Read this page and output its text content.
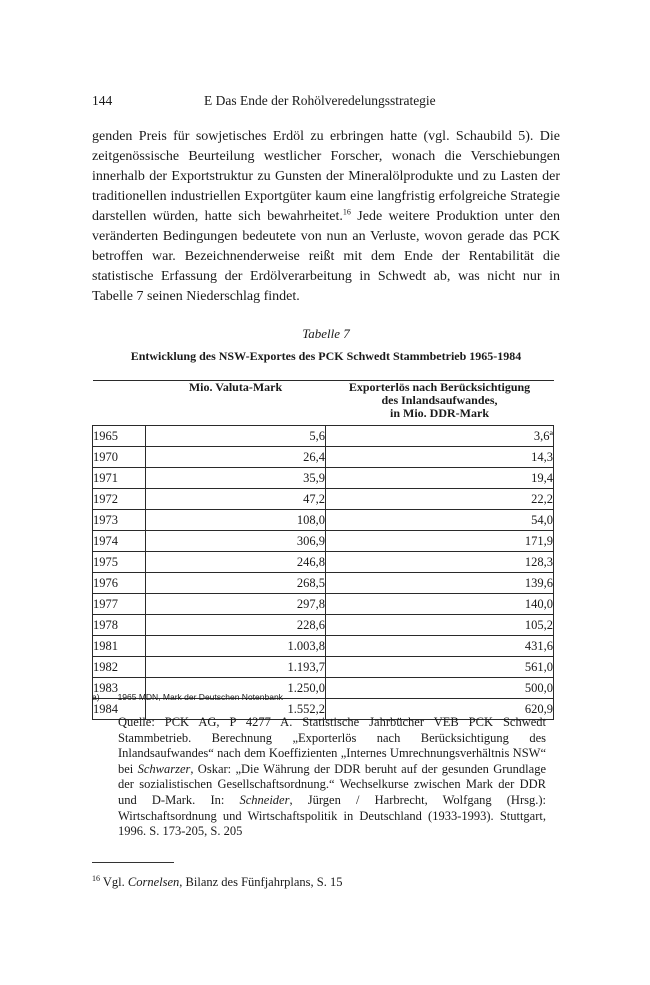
144	E Das Ende der Rohölveredelungsstrategie
genden Preis für sowjetisches Erdöl zu erbringen hatte (vgl. Schaubild 5). Die zeitgenössische Beurteilung westlicher Forscher, wonach die Verschiebungen innerhalb der Exportstruktur zu Gunsten der Mineralölprodukte und zu Lasten der traditionellen industriellen Exportgüter kaum eine langfristig erfolgreiche Strategie darstellen würden, hatte sich bewahrheitet.$^{16}$ Jede weitere Produktion unter den veränderten Bedingungen bedeutete von nun an Verluste, wovon gerade das PCK betroffen war. Bezeichnenderweise reißt mit dem Ende der Rentabilität die statistische Erfassung der Erdölverarbeitung in Schwedt ab, was nicht nur in Tabelle 7 seinen Niederschlag findet.
Tabelle 7
Entwicklung des NSW-Exportes des PCK Schwedt Stammbetrieb 1965-1984
	Mio. Valuta-Mark	Exporterlös nach Berücksichtigung
des Inlandsaufwandes,
in Mio. DDR-Mark

1965	5,6	3,6ª
1970	26,4	14,3
1971	35,9	19,4
1972	47,2	22,2
1973	108,0	54,0
1974	306,9	171,9
1975	246,8	128,3
1976	268,5	139,6
1977	297,8	140,0
1978	228,6	105,2
1981	1.003,8	431,6
1982	1.193,7	561,0
1983	1.250,0	500,0
1984	1.552,2	620,9
a) 1965 MDN, Mark der Deutschen Notenbank
Quelle: PCK AG, P 4277 A. Statistische Jahrbücher VEB PCK Schwedt Stammbetrieb. Berechnung „Exporterlös nach Berücksichtigung des Inlandsaufwandes“ nach dem Koeffizienten „Internes Umrechnungsverhältnis NSW“ bei Schwarzer, Oskar: „Die Währung der DDR beruht auf der gesunden Grundlage der sozialistischen Gesellschaftsordnung.“ Wechselkurse zwischen Mark der DDR und D-Mark. In: Schneider, Jürgen / Harbrecht, Wolfgang (Hrsg.): Wirtschaftsordnung und Wirtschaftspolitik in Deutschland (1933-1993). Stuttgart, 1996. S. 173-205, S. 205
$^{16}$ Vgl. Cornelsen, Bilanz des Fünfjahrplans, S. 15
